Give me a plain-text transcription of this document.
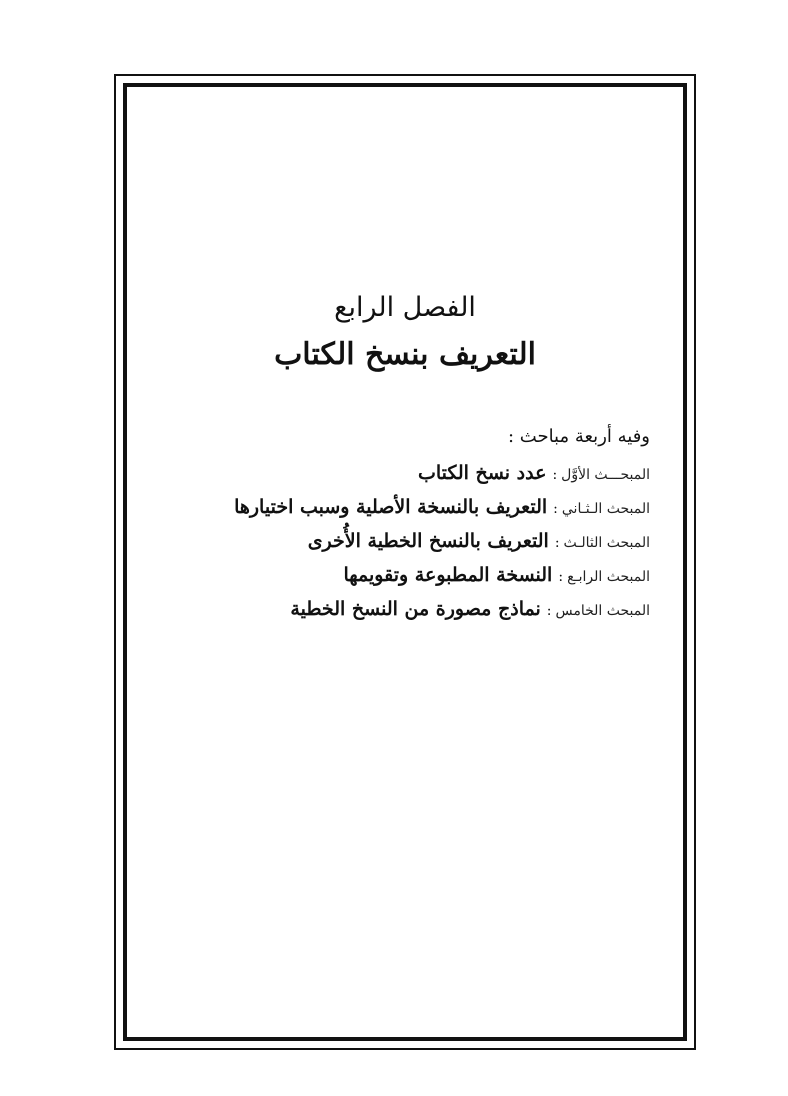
الفصل الرابع
التعريف بنسخ الكتاب
وفيه أربعة مباحث :
المبحـــث الأوَّل:عدد نسخ الكتاب
المبحث الـثـاني:التعريف بالنسخة الأصلية وسبب اختيارها
المبحث الثالـث:التعريف بالنسخ الخطية الأُخرى
المبحث الرابـع:النسخة المطبوعة وتقويمها
المبحث الخامس:نماذج مصورة من النسخ الخطية
